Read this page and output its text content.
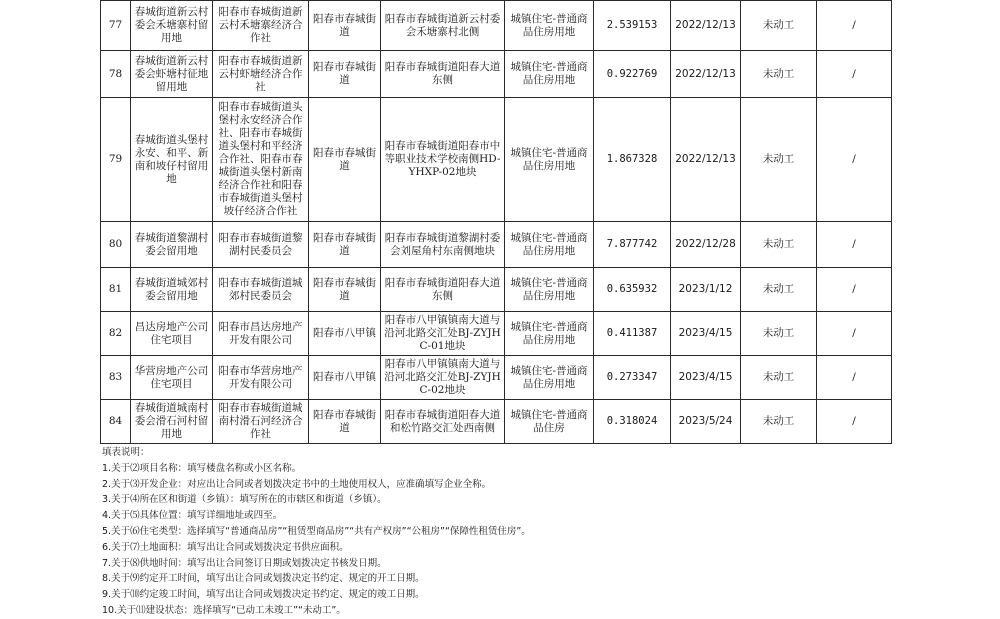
77	春城街道新云村委会禾塘寨村留用地	阳春市春城街道新云村禾塘寨经济合作社	阳春市春城街道	阳春市春城街道新云村委会禾塘寨村北侧	城镇住宅-普通商品住房用地	2.539153	2022/12/13	未动工	/
78	春城街道新云村委会虾塘村征地留用地	阳春市春城街道新云村虾塘经济合作社	阳春市春城街道	阳春市春城街道阳春大道东侧	城镇住宅-普通商品住房用地	0.922769	2022/12/13	未动工	/
79	春城街道头堡村永安、和平、新南和坡仔村留用地	阳春市春城街道头堡村永安经济合作社、阳春市春城街道头堡村和平经济合作社、阳春市春城街道头堡村新南经济合作社和阳春市春城街道头堡村坡仔经济合作社	阳春市春城街道	阳春市春城街道阳春市中等职业技术学校南侧HD-YHXP-02地块	城镇住宅-普通商品住房用地	1.867328	2022/12/13	未动工	/
80	春城街道黎湖村委会留用地	阳春市春城街道黎湖村民委员会	阳春市春城街道	阳春市春城街道黎湖村委会刘屋角村东南侧地块	城镇住宅-普通商品住房用地	7.877742	2022/12/28	未动工	/
81	春城街道城郊村委会留用地	阳春市春城街道城郊村民委员会	阳春市春城街道	阳春市春城街道阳春大道东侧	城镇住宅-普通商品住房用地	0.635932	2023/1/12	未动工	/
82	昌达房地产公司住宅项目	阳春市昌达房地产开发有限公司	阳春市八甲镇	阳春市八甲镇镇南大道与沿河北路交汇处BJ-ZYJHC-01地块	城镇住宅-普通商品住房用地	0.411387	2023/4/15	未动工	/
83	华营房地产公司住宅项目	阳春市华营房地产开发有限公司	阳春市八甲镇	阳春市八甲镇镇南大道与沿河北路交汇处BJ-ZYJHC-02地块	城镇住宅-普通商品住房用地	0.273347	2023/4/15	未动工	/
84	春城街道城南村委会滑石河村留用地	阳春市春城街道城南村滑石河经济合作社	阳春市春城街道	阳春市春城街道阳春大道和松竹路交汇处西南侧	城镇住宅-普通商品住房	0.318024	2023/5/24	未动工	/
填表说明：
1.关于⑵项目名称：填写楼盘名称或小区名称。
2.关于⑶开发企业：对应出让合同或者划拨决定书中的土地使用权人，应准确填写企业全称。
3.关于⑷所在区和街道（乡镇）：填写所在的市辖区和街道（乡镇）。
4.关于⑸具体位置：填写详细地址或四至。
5.关于⑹住宅类型：选择填写“普通商品房”“租赁型商品房”“共有产权房”“公租房”“保障性租赁住房”。
6.关于⑺土地面积：填写出让合同或划拨决定书供应面积。
7.关于⑻供地时间：填写出让合同签订日期或划拨决定书核发日期。
8.关于⑼约定开工时间，填写出让合同或划拨决定书约定、规定的开工日期。
9.关于⑽约定竣工时间，填写出让合同或划拨决定书约定、规定的竣工日期。
10.关于⑾建设状态：选择填写“已动工未竣工”“未动工”。
